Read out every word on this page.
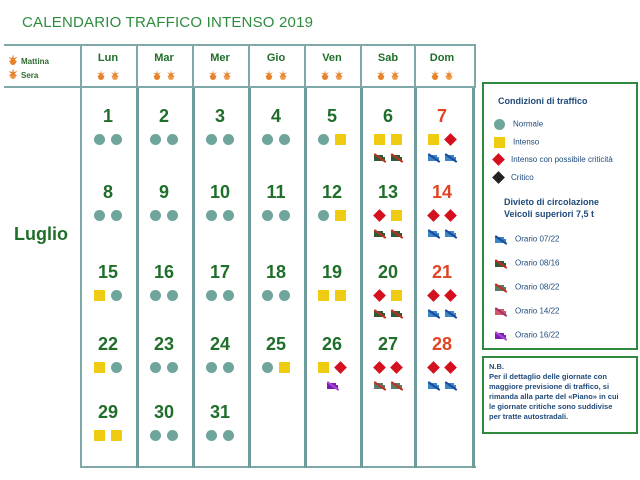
CALENDARIO TRAFFICO INTENSO 2019
✶Mattina
✶Sera
Lun
✶✶	Mar
✶✶	Mer
✶✶	Gio
✶✶	Ven
✶✶	Sab
✶✶	Dom
✶✶
Luglio
1	2	3	4	5	6	7
8	9	10	11	12	13	14
15	16	17	18	19	20	21
22	23	24	25	26	27	28
29	30	31
Condizioni di traffico
Normale
Intenso
Intenso con possibile criticità
Critico
Divieto di circolazione
Veicoli superiori 7,5 t
Orario 07/22
Orario 08/16
Orario 08/22
Orario 14/22
Orario 16/22
N.B.
Per il dettaglio delle giornate con
maggiore previsione di traffico, si
rimanda alla parte del «Piano» in cui
le giornate critiche sono suddivise
per tratte autostradali.
